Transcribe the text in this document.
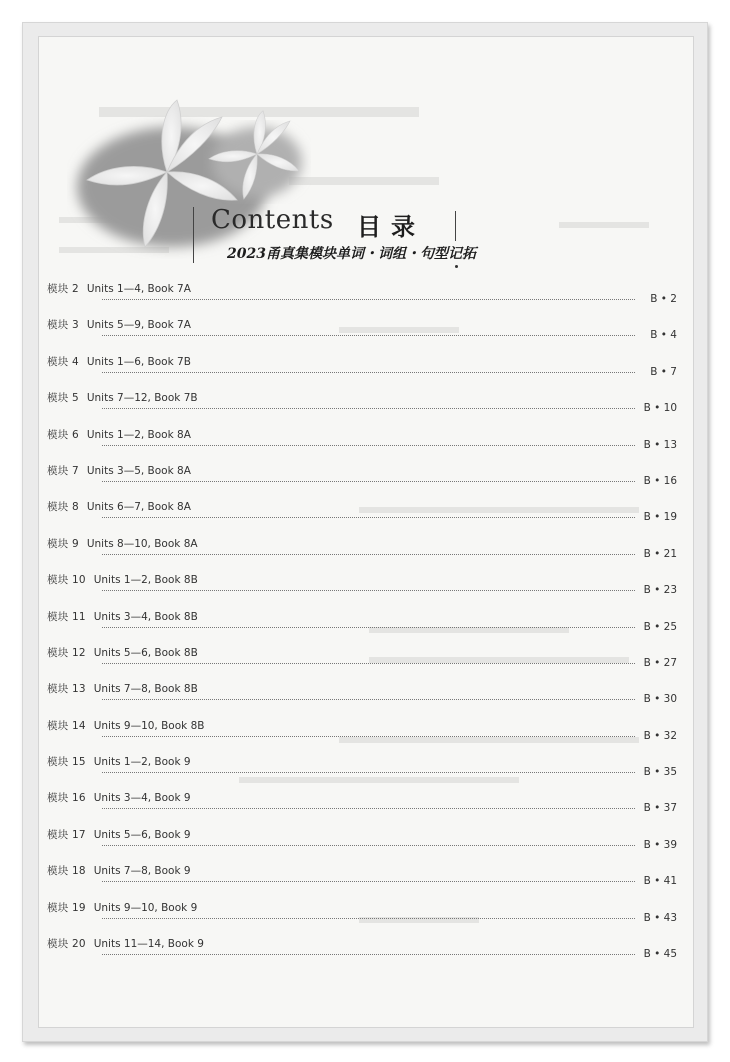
Contents 目录
2023甬真集模块单词・词组・句型记拓
模块 2 Units 1—4, Book 7A
B • 2
模块 3 Units 5—9, Book 7A
B • 4
模块 4 Units 1—6, Book 7B
B • 7
模块 5 Units 7—12, Book 7B
B • 10
模块 6 Units 1—2, Book 8A
B • 13
模块 7 Units 3—5, Book 8A
B • 16
模块 8 Units 6—7, Book 8A
B • 19
模块 9 Units 8—10, Book 8A
B • 21
模块 10 Units 1—2, Book 8B
B • 23
模块 11 Units 3—4, Book 8B
B • 25
模块 12 Units 5—6, Book 8B
B • 27
模块 13 Units 7—8, Book 8B
B • 30
模块 14 Units 9—10, Book 8B
B • 32
模块 15 Units 1—2, Book 9
B • 35
模块 16 Units 3—4, Book 9
B • 37
模块 17 Units 5—6, Book 9
B • 39
模块 18 Units 7—8, Book 9
B • 41
模块 19 Units 9—10, Book 9
B • 43
模块 20 Units 11—14, Book 9
B • 45
